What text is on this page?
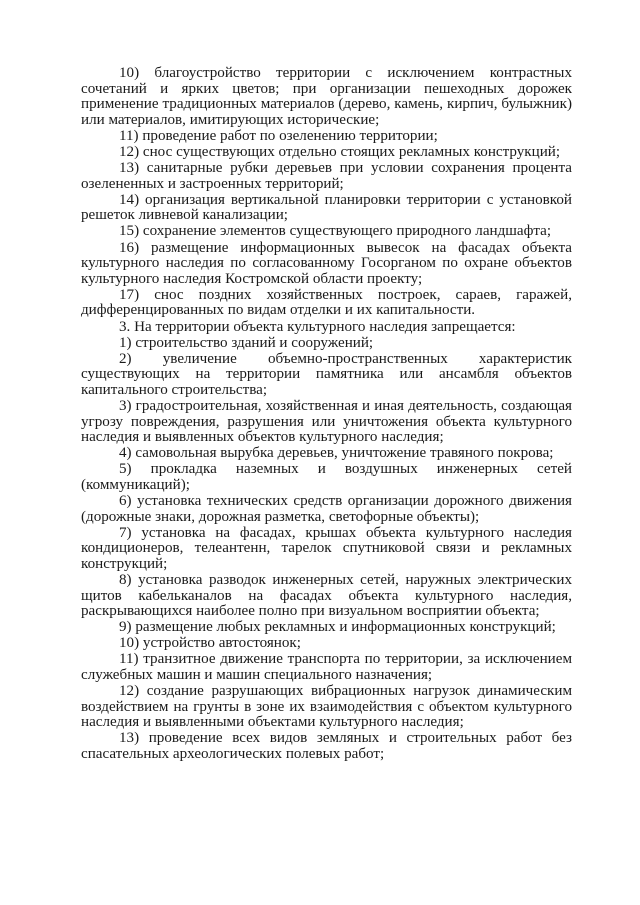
10) благоустройство территории с исключением контрастных сочетаний и ярких цветов; при организации пешеходных дорожек применение традиционных материалов (дерево, камень, кирпич, булыжник) или материалов, имитирующих исторические;

11) проведение работ по озеленению территории;

12) снос существующих отдельно стоящих рекламных конструкций;

13) санитарные рубки деревьев при условии сохранения процента озелененных и застроенных территорий;

14) организация вертикальной планировки территории с установкой решеток ливневой канализации;

15) сохранение элементов существующего природного ландшафта;

16) размещение информационных вывесок на фасадах объекта культурного наследия по согласованному Госорганом по охране объектов культурного наследия Костромской области проекту;

17) снос поздних хозяйственных построек, сараев, гаражей, дифференцированных по видам отделки и их капитальности.

3. На территории объекта культурного наследия запрещается:

1) строительство зданий и сооружений;

2) увеличение объемно-пространственных характеристик существующих на территории памятника или ансамбля объектов капитального строительства;

3) градостроительная, хозяйственная и иная деятельность, создающая угрозу повреждения, разрушения или уничтожения объекта культурного наследия и выявленных объектов культурного наследия;

4) самовольная вырубка деревьев, уничтожение травяного покрова;

5) прокладка наземных и воздушных инженерных сетей (коммуникаций);

6) установка технических средств организации дорожного движения (дорожные знаки, дорожная разметка, светофорные объекты);

7) установка на фасадах, крышах объекта культурного наследия кондиционеров, телеантенн, тарелок спутниковой связи и рекламных конструкций;

8) установка разводок инженерных сетей, наружных электрических щитов кабельканалов на фасадах объекта культурного наследия, раскрывающихся наиболее полно при визуальном восприятии объекта;

9) размещение любых рекламных и информационных конструкций;

10) устройство автостоянок;

11) транзитное движение транспорта по территории, за исключением служебных машин и машин специального назначения;

12) создание разрушающих вибрационных нагрузок динамическим воздействием на грунты в зоне их взаимодействия с объектом культурного наследия и выявленными объектами культурного наследия;

13) проведение всех видов земляных и строительных работ без спасательных археологических полевых работ;
